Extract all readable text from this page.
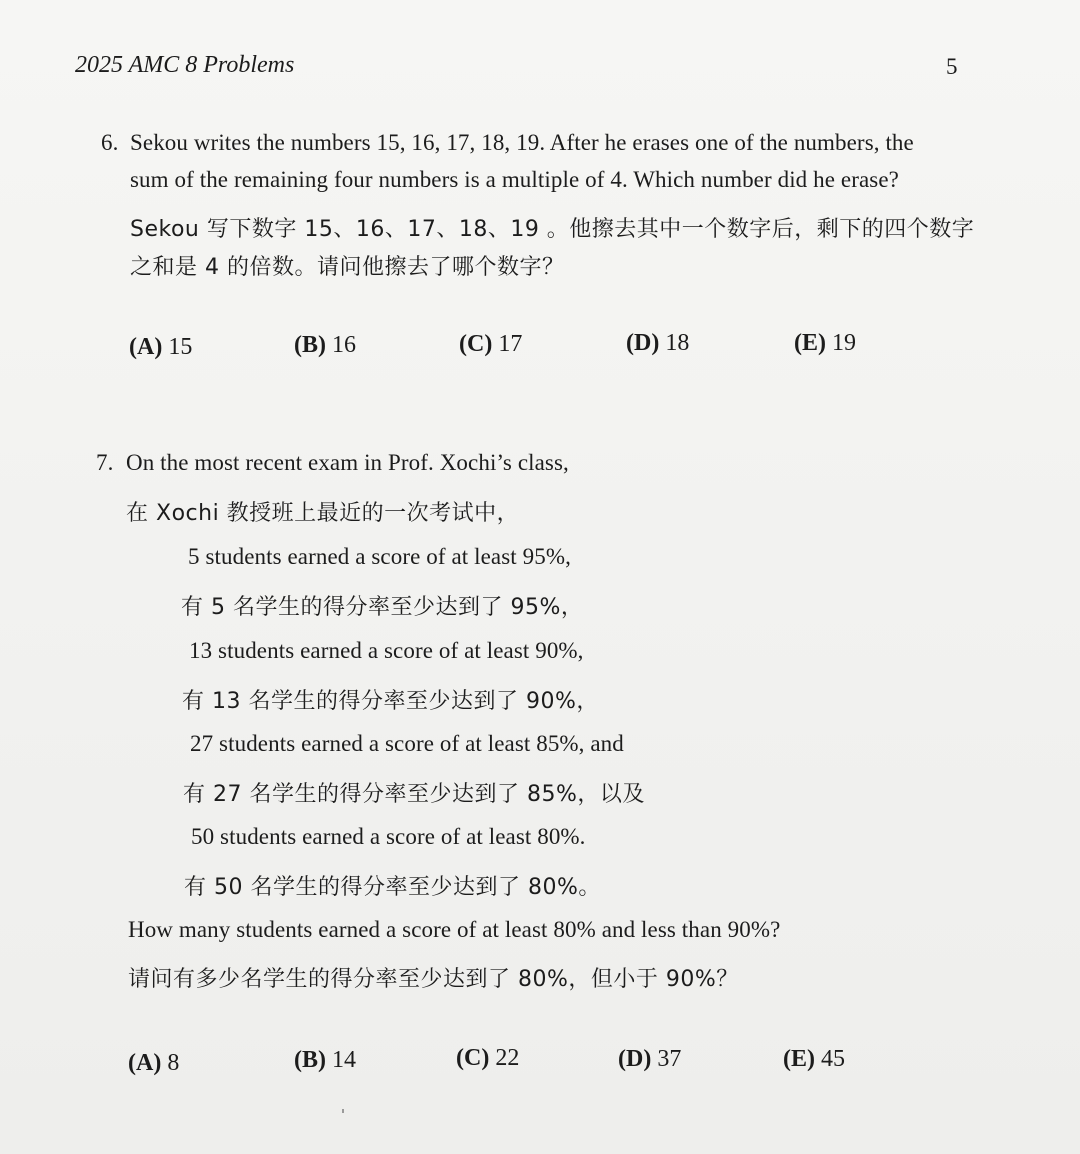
2025 AMC 8 Problems	5
6. Sekou writes the numbers 15, 16, 17, 18, 19. After he erases one of the numbers, the
sum of the remaining four numbers is a multiple of 4. Which number did he erase?
Sekou 写下数字 15、16、17、18、19 。他擦去其中一个数字后，剩下的四个数字
之和是 4 的倍数。请问他擦去了哪个数字？
(A) 15	(B) 16	(C) 17	(D) 18	(E) 19
7. On the most recent exam in Prof. Xochi’s class,
在 Xochi 教授班上最近的一次考试中，
5 students earned a score of at least 95%,
有 5 名学生的得分率至少达到了 95%，
13 students earned a score of at least 90%,
有 13 名学生的得分率至少达到了 90%，
27 students earned a score of at least 85%, and
有 27 名学生的得分率至少达到了 85%，以及
50 students earned a score of at least 80%.
有 50 名学生的得分率至少达到了 80%。
How many students earned a score of at least 80% and less than 90%?
请问有多少名学生的得分率至少达到了 80%，但小于 90%？
(A) 8	(B) 14	(C) 22	(D) 37	(E) 45
